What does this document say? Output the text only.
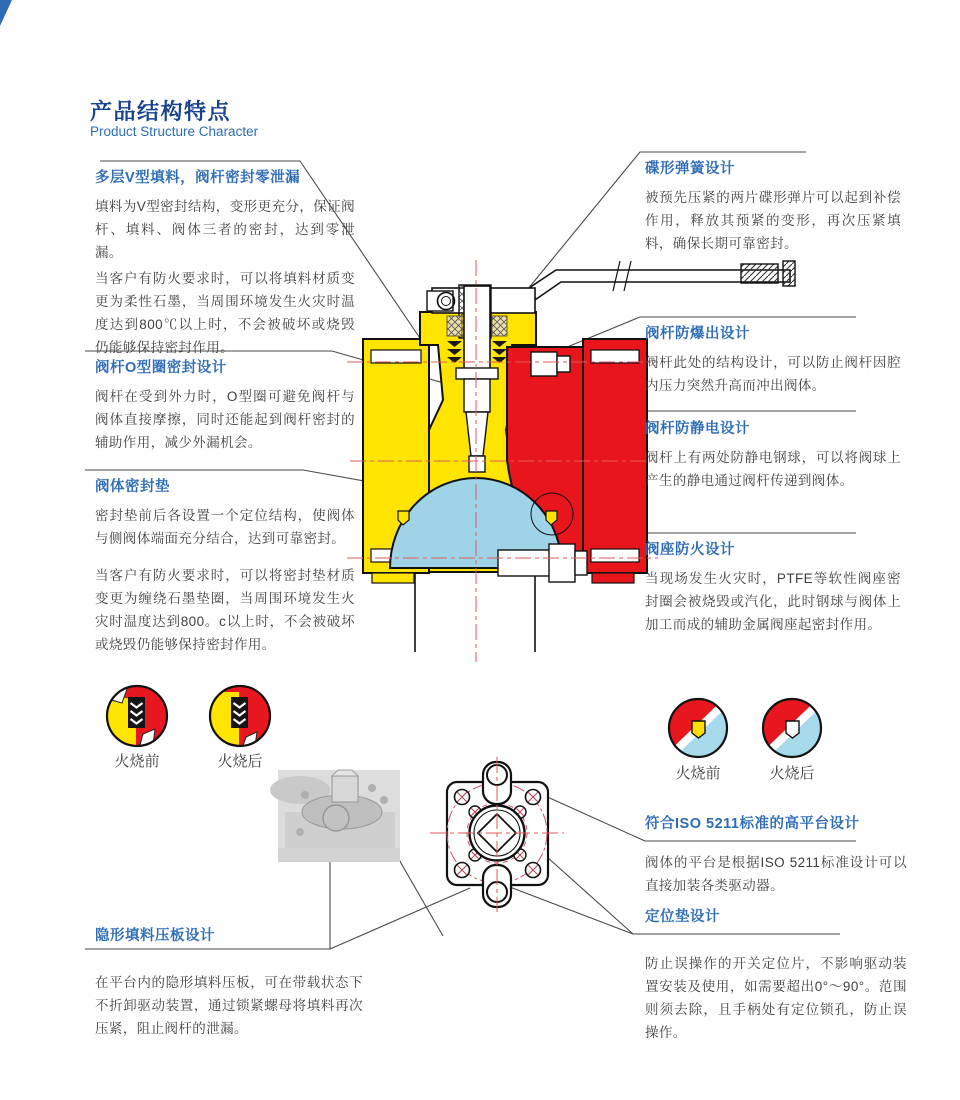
产品结构特点
Product Structure Character
多层V型填料，阀杆密封零泄漏

填料为V型密封结构，变形更充分，保证阀杆、填料、阀体三者的密封，达到零泄漏。

当客户有防火要求时，可以将填料材质变更为柔性石墨，当周围环境发生火灾时温度达到800℃以上时，不会被破坏或烧毁仍能够保持密封作用。

阀杆O型圈密封设计

阀杆在受到外力时，O型圈可避免阀杆与阀体直接摩擦，同时还能起到阀杆密封的辅助作用，减少外漏机会。

阀体密封垫

密封垫前后各设置一个定位结构，使阀体与侧阀体端面充分结合，达到可靠密封。

当客户有防火要求时，可以将密封垫材质变更为缠绕石墨垫圈，当周围环境发生火灾时温度达到800。c以上时，不会被破坏或烧毁仍能够保持密封作用。

碟形弹簧设计

被预先压紧的两片碟形弹片可以起到补偿作用，释放其预紧的变形，再次压紧填料，确保长期可靠密封。

阀杆防爆出设计

阀杆此处的结构设计，可以防止阀杆因腔内压力突然升高而冲出阀体。

阀杆防静电设计

阀杆上有两处防静电钢球，可以将阀球上产生的静电通过阀杆传递到阀体。

阀座防火设计

当现场发生火灾时，PTFE等软性阀座密封圈会被烧毁或汽化，此时钢球与阀体上加工而成的辅助金属阀座起密封作用。

符合ISO 5211标准的高平台设计

阀体的平台是根据ISO 5211标准设计可以直接加装各类驱动器。

定位垫设计

防止误操作的开关定位片，不影响驱动装置安装及使用，如需要超出0°～90°。范围则须去除，且手柄处有定位锁孔，防止误操作。

隐形填料压板设计

在平台内的隐形填料压板，可在带载状态下不折卸驱动装置，通过锁紧螺母将填料再次压紧，阻止阀杆的泄漏。

火烧前	火烧后
火烧前	火烧后
